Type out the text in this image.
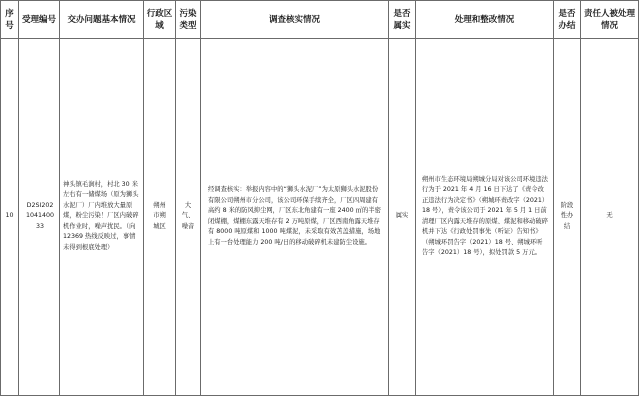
序号
受理编号	交办问题基本情况
行政区域
污染类型
调查核实情况
是否属实
处理和整改情况
是否办结
责任人被处理情况
10
D2SI202104140033
神头镇毛涧村，村北 30 米左右有一储煤场（原为狮头水泥厂）厂内堆放大量原煤，粉尘污染！厂区内破碎机作业时，噪声扰民。（向 12369 热线反映过，事情未得到根底处理）
朔州市朔城区
大气、噪音
经调查核实：举报内容中的“狮头水泥厂”为太原狮头水泥股份有限公司朔州市分公司，该公司环保手续齐全，厂区四周建有高约 8 米的防风抑尘网，厂区东北角建有一座 2400 ㎡的半密闭煤棚，煤棚东露天堆存有 2 万吨原煤，厂区西南角露天堆存有 8000 吨原煤和 1000 吨煤泥，未采取有效苫盖措施，场地上有一台处理能力 200 吨/日的移动破碎机未建防尘设施。
属实
朔州市生态环境局朔城分局对该公司环境违法行为于 2021 年 4 月 16 日下达了《责令改正违法行为决定书》（朔城环责改字（2021）18 号），责令该公司于 2021 年 5 月 1 日前清理厂区内露天堆存的原煤、煤泥和移动破碎机并下达《行政处罚事先（听证）告知书》（朔城环罚告字（2021）18 号、朔城环听告字（2021）18 号），拟处罚款 5 万元。
阶段性办结
无
